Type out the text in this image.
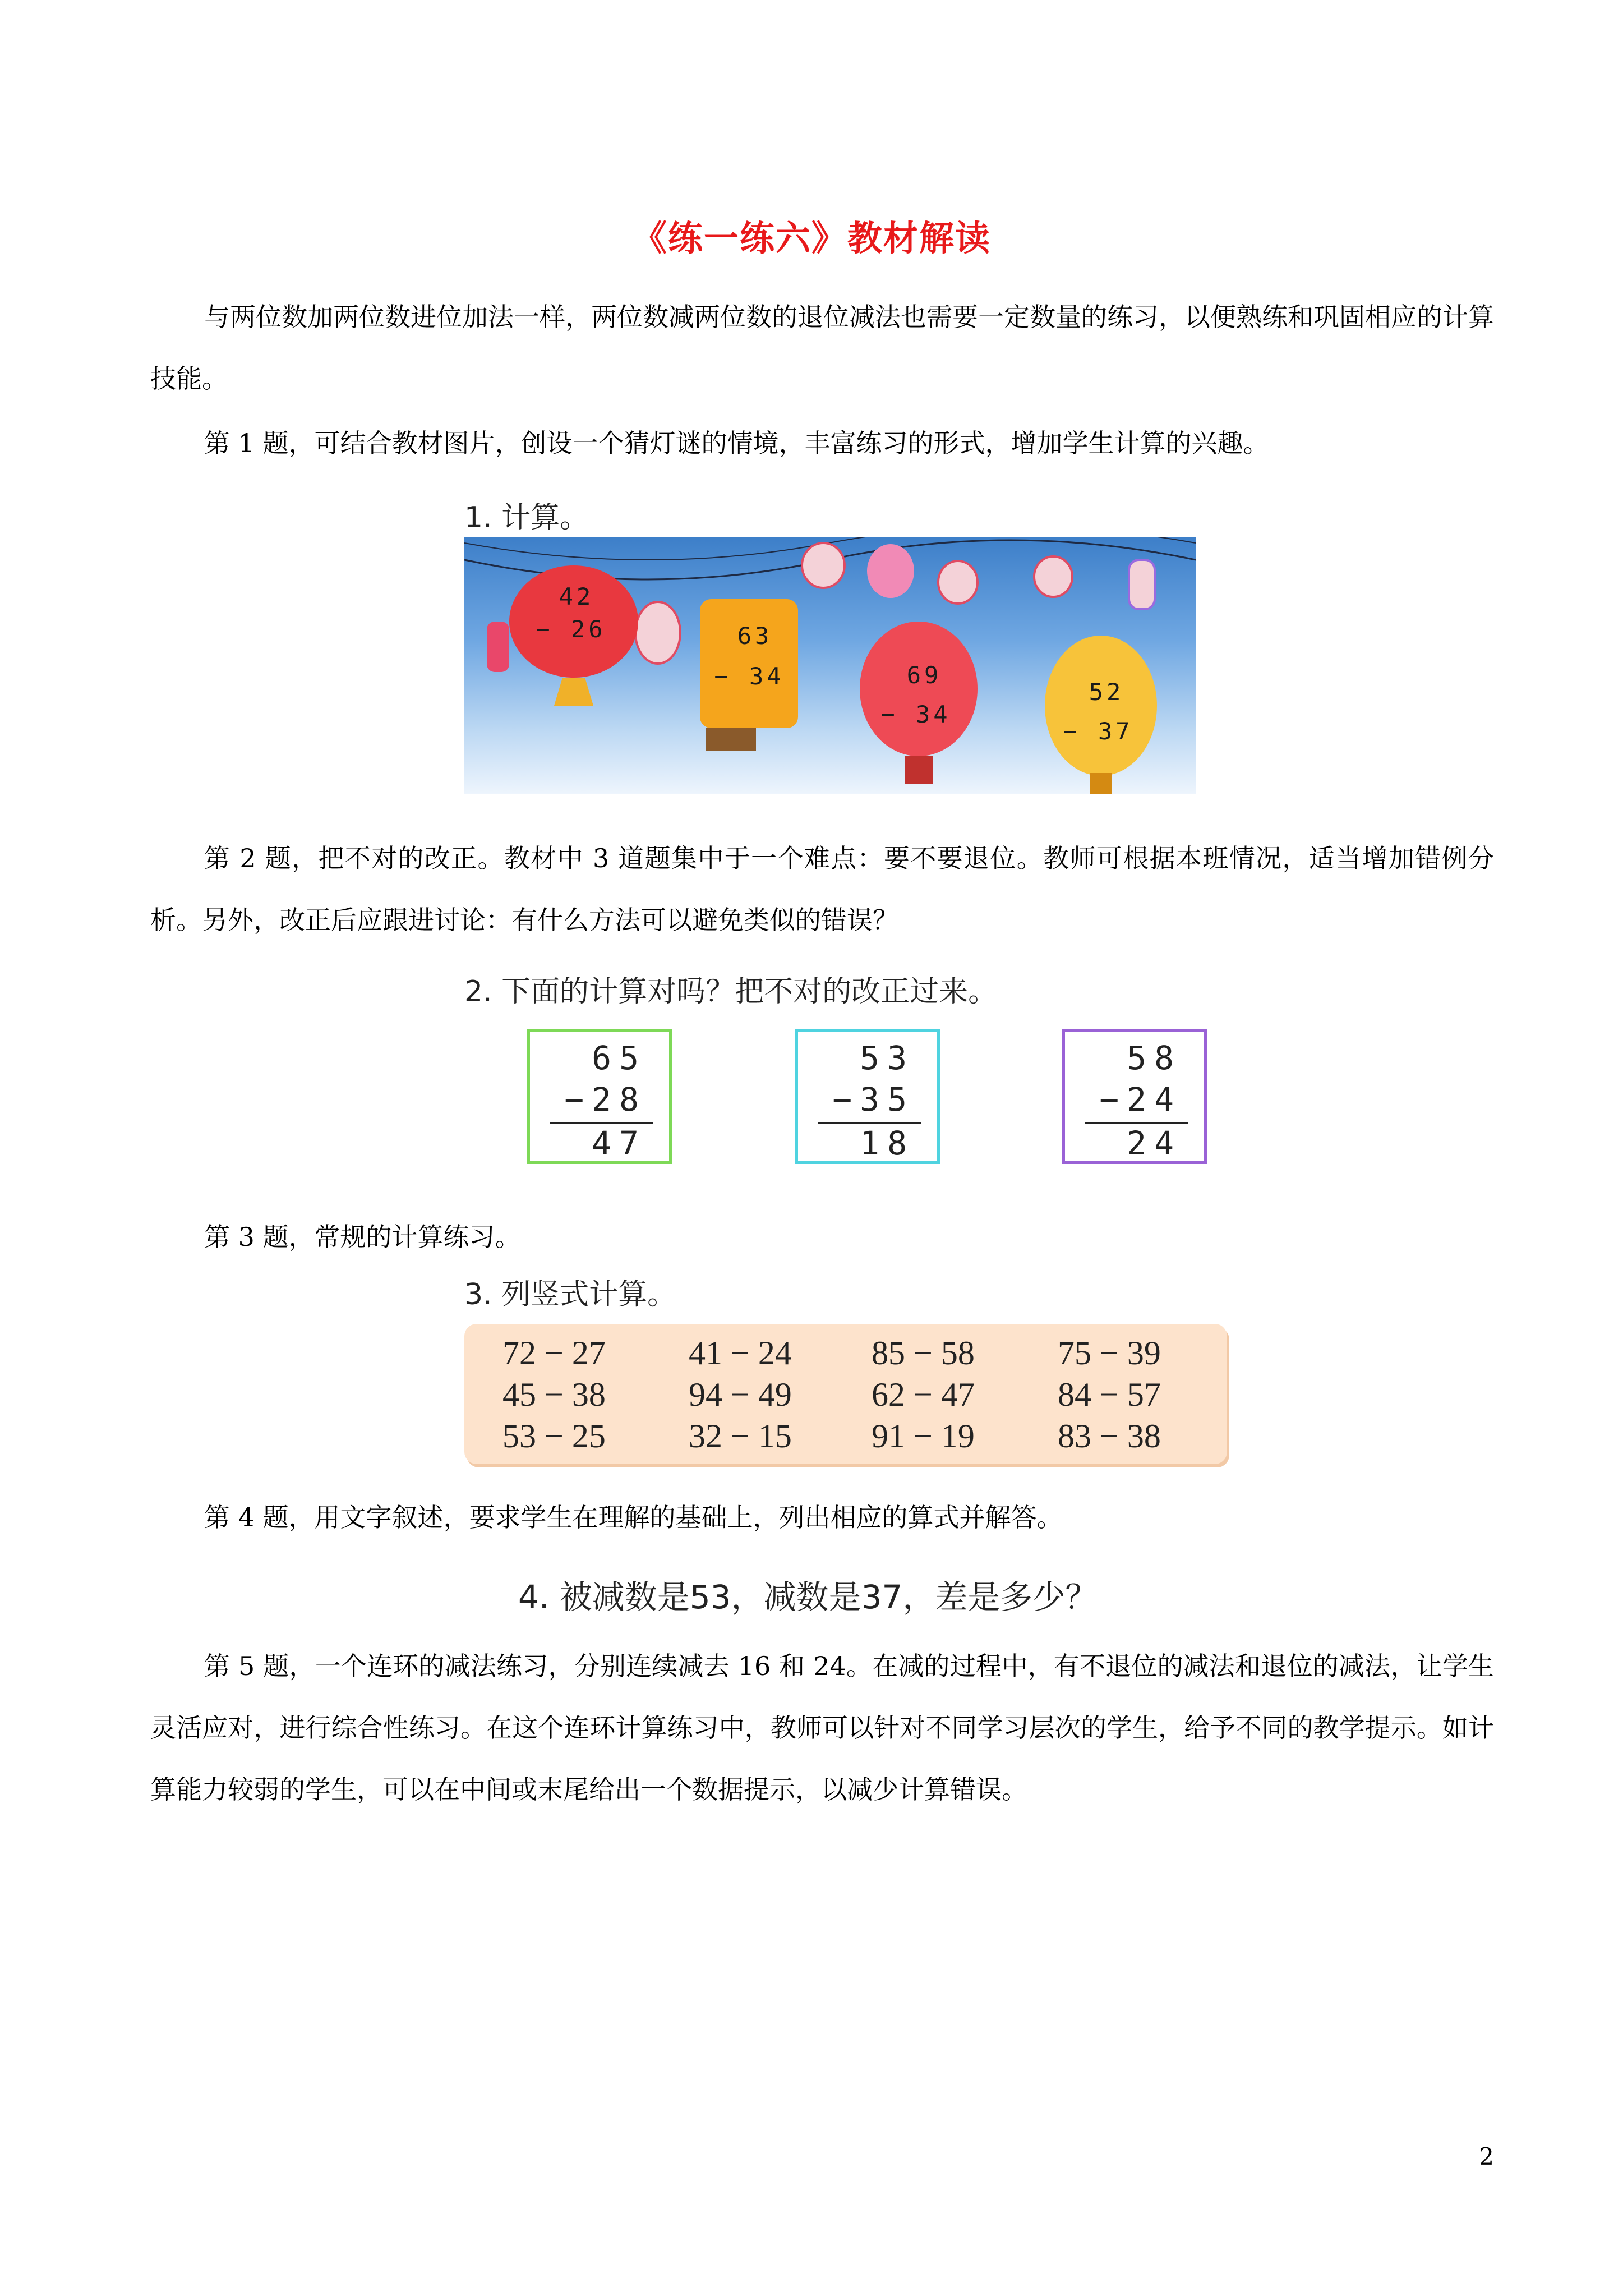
《练一练六》教材解读

与两位数加两位数进位加法一样，两位数减两位数的退位减法也需要一定数量的练习，以便熟练和巩固相应的计算技能。

第 1 题，可结合教材图片，创设一个猜灯谜的情境，丰富练习的形式，增加学生计算的兴趣。

1. 计算。
42
− 26	63
− 34	69
− 34
52
− 37

第 2 题，把不对的改正。教材中 3 道题集中于一个难点：要不要退位。教师可根据本班情况，适当增加错例分析。另外，改正后应跟进讨论：有什么方法可以避免类似的错误？

2. 下面的计算对吗？把不对的改正过来。
65
−28
47
53
−35
18
58
−24
24

第 3 题，常规的计算练习。

3. 列竖式计算。
72 − 27 41 − 24 85 − 58 75 − 39
45 − 38 94 − 49 62 − 47 84 − 57
53 − 25 32 − 15 91 − 19 83 − 38

第 4 题，用文字叙述，要求学生在理解的基础上，列出相应的算式并解答。

4. 被减数是53，减数是37，差是多少？

第 5 题，一个连环的减法练习，分别连续减去 16 和 24。在减的过程中，有不退位的减法和退位的减法，让学生灵活应对，进行综合性练习。在这个连环计算练习中，教师可以针对不同学习层次的学生，给予不同的教学提示。如计算能力较弱的学生，可以在中间或末尾给出一个数据提示，以减少计算错误。

2
